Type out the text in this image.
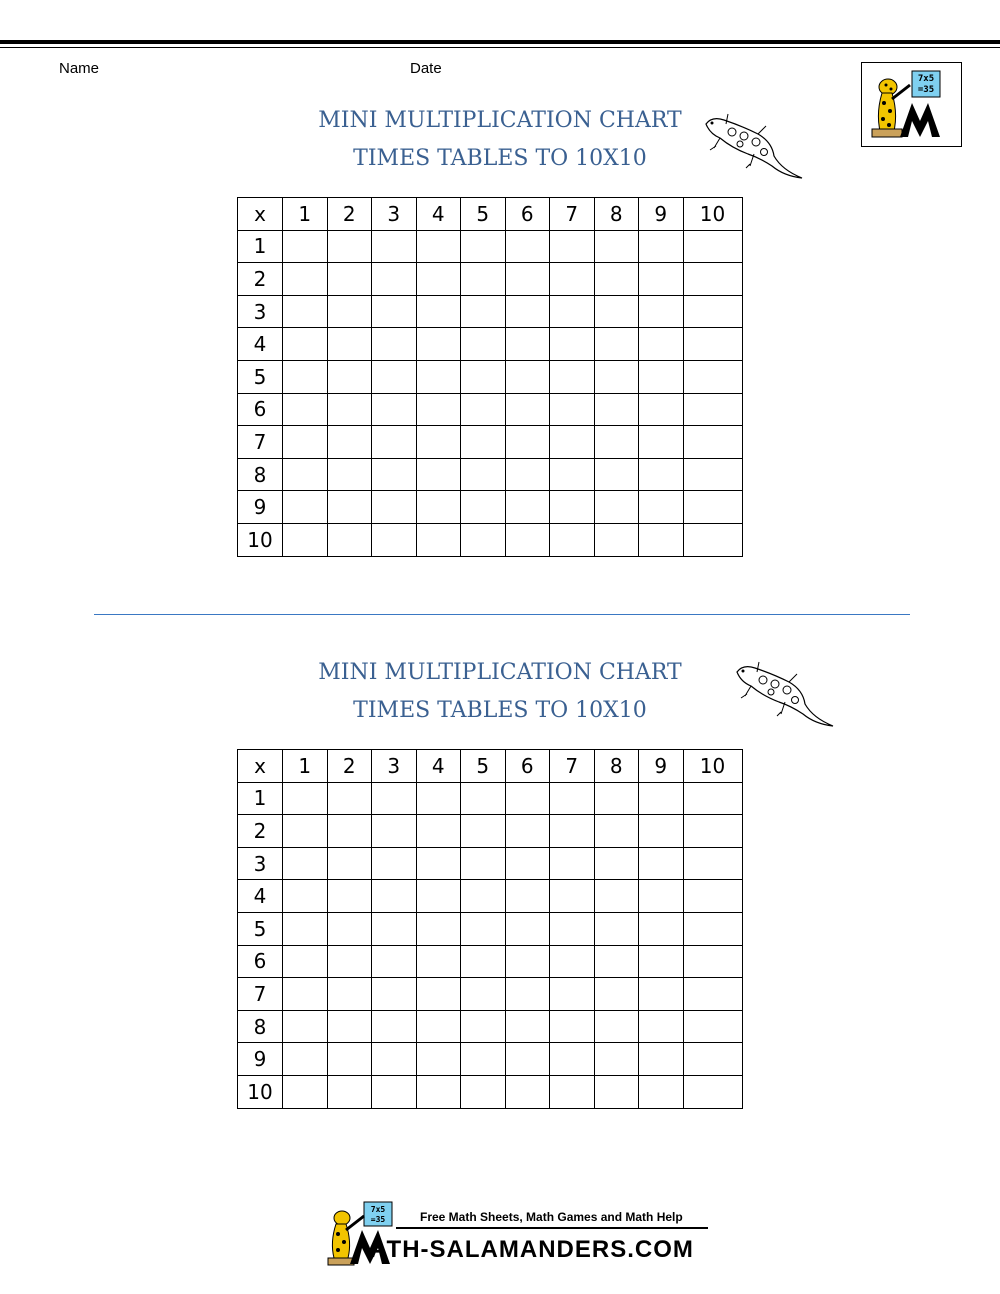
Name	Date
7x5
=35
MINI MULTIPLICATION CHART
TIMES TABLES TO 10X10
x	1	2	3	4	5	6	7	8	9	10
1										
2										
3										
4										
5										
6										
7										
8										
9										
10										
MINI MULTIPLICATION CHART
TIMES TABLES TO 10X10
x	1	2	3	4	5	6	7	8	9	10
1										
2										
3										
4										
5										
6										
7										
8										
9										
10										
7x5
=35	Free Math Sheets, Math Games and Math Help
ATH-SALAMANDERS.COM
